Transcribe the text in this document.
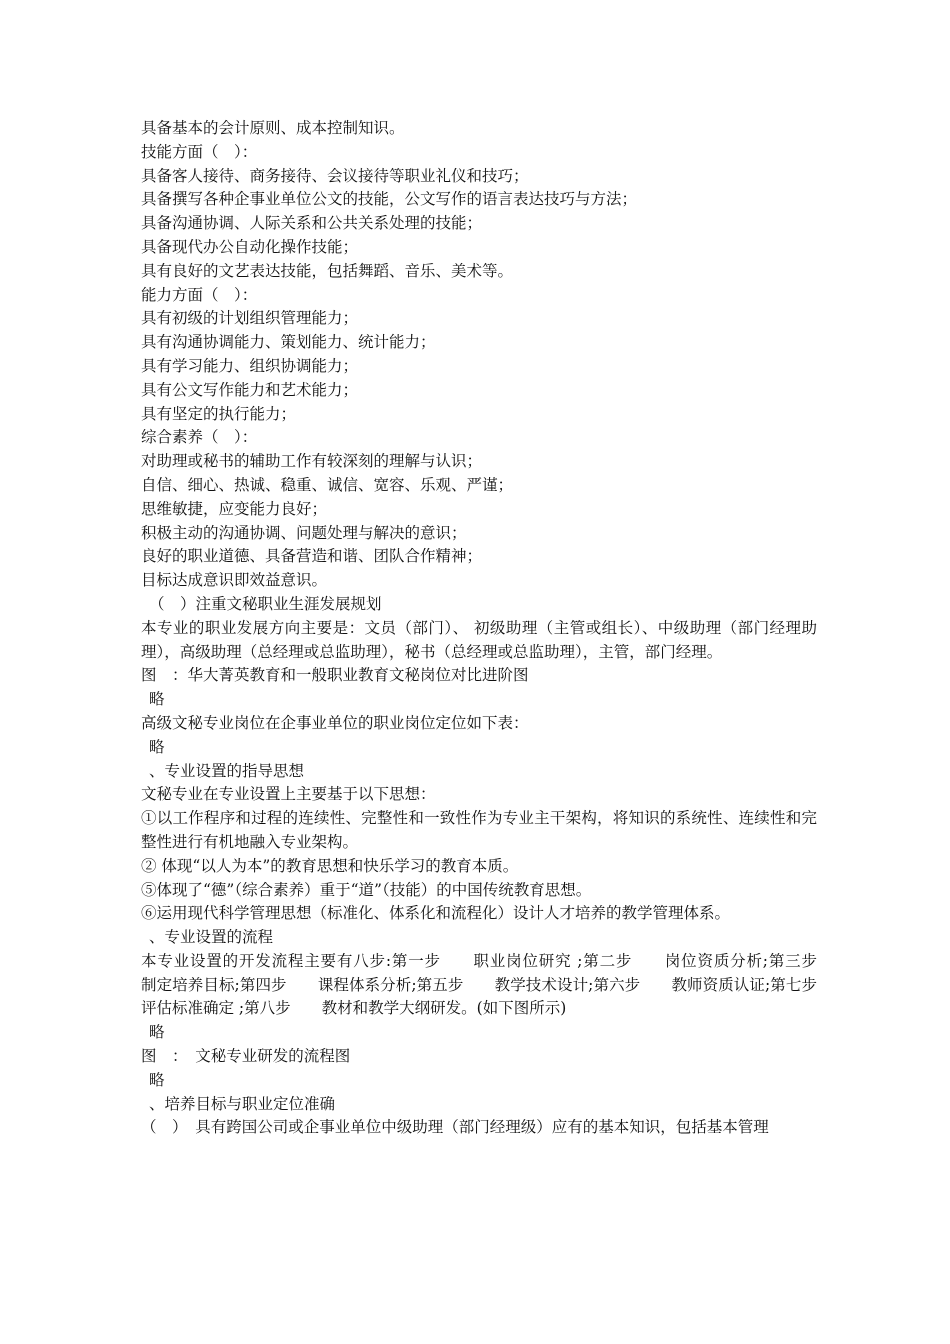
具备基本的会计原则、成本控制知识。
技能方面（　）：
具备客人接待、商务接待、会议接待等职业礼仪和技巧；
具备撰写各种企事业单位公文的技能，公文写作的语言表达技巧与方法；
具备沟通协调、人际关系和公共关系处理的技能；
具备现代办公自动化操作技能；
具有良好的文艺表达技能，包括舞蹈、音乐、美术等。
能力方面（　）：
具有初级的计划组织管理能力；
具有沟通协调能力、策划能力、统计能力；
具有学习能力、组织协调能力；
具有公文写作能力和艺术能力；
具有坚定的执行能力；
综合素养（　）：
对助理或秘书的辅助工作有较深刻的理解与认识；
自信、细心、热诚、稳重、诚信、宽容、乐观、严谨；
思维敏捷，应变能力良好；
积极主动的沟通协调、问题处理与解决的意识；
良好的职业道德、具备营造和谐、团队合作精神；
目标达成意识即效益意识。
（　）注重文秘职业生涯发展规划
本专业的职业发展方向主要是：文员（部门）、 初级助理（主管或组长）、中级助理（部门经理助理），高级助理（总经理或总监助理），秘书（总经理或总监助理），主管，部门经理。
图　：华大菁英教育和一般职业教育文秘岗位对比进阶图
略
高级文秘专业岗位在企事业单位的职业岗位定位如下表：
略
、专业设置的指导思想
文秘专业在专业设置上主要基于以下思想：
①以工作程序和过程的连续性、完整性和一致性作为专业主干架构，将知识的系统性、连续性和完整性进行有机地融入专业架构。
② 体现“以人为本”的教育思想和快乐学习的教育本质。
⑤体现了“德”（综合素养）重于“道”（技能）的中国传统教育思想。
⑥运用现代科学管理思想（标准化、体系化和流程化）设计人才培养的教学管理体系。
、专业设置的流程
本专业设置的开发流程主要有八步:第一步　　职业岗位研究 ;第二步　　岗位资质分析;第三步　　制定培养目标;第四步　　课程体系分析;第五步　　教学技术设计;第六步　　教师资质认证;第七步　　评估标准确定 ;第八步　　教材和教学大纲研发。(如下图所示)
略
图　：　文秘专业研发的流程图
略
、培养目标与职业定位准确
（　）　具有跨国公司或企事业单位中级助理（部门经理级）应有的基本知识，包括基本管理
